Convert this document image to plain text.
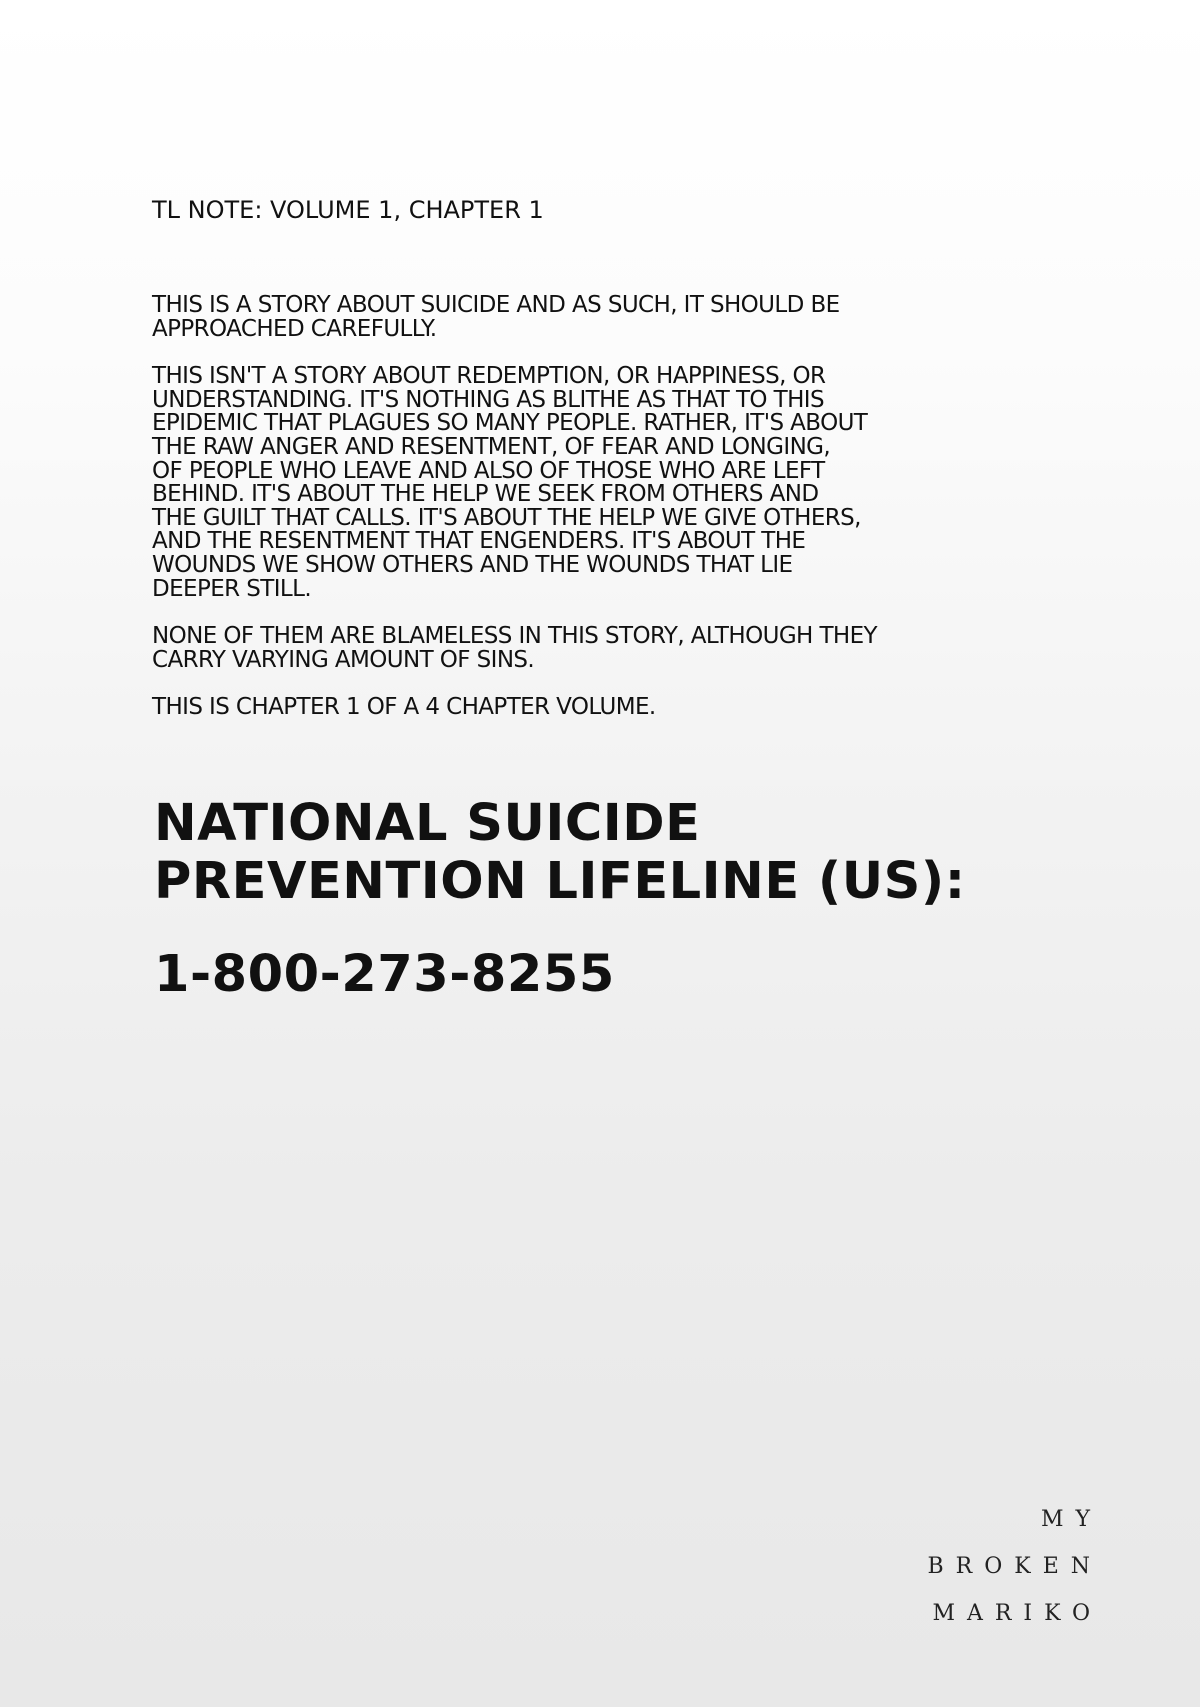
TL NOTE: VOLUME 1, CHAPTER 1

THIS IS A STORY ABOUT SUICIDE AND AS SUCH, IT SHOULD BE
APPROACHED CAREFULLY.

THIS ISN'T A STORY ABOUT REDEMPTION, OR HAPPINESS, OR
UNDERSTANDING. IT'S NOTHING AS BLITHE AS THAT TO THIS
EPIDEMIC THAT PLAGUES SO MANY PEOPLE. RATHER, IT'S ABOUT
THE RAW ANGER AND RESENTMENT, OF FEAR AND LONGING,
OF PEOPLE WHO LEAVE AND ALSO OF THOSE WHO ARE LEFT
BEHIND. IT'S ABOUT THE HELP WE SEEK FROM OTHERS AND
THE GUILT THAT CALLS. IT'S ABOUT THE HELP WE GIVE OTHERS,
AND THE RESENTMENT THAT ENGENDERS. IT'S ABOUT THE
WOUNDS WE SHOW OTHERS AND THE WOUNDS THAT LIE
DEEPER STILL.

NONE OF THEM ARE BLAMELESS IN THIS STORY, ALTHOUGH THEY
CARRY VARYING AMOUNT OF SINS.

THIS IS CHAPTER 1 OF A 4 CHAPTER VOLUME.

NATIONAL SUICIDE
PREVENTION LIFELINE (US):
1-800-273-8255
MY
BROKEN
MARIKO
